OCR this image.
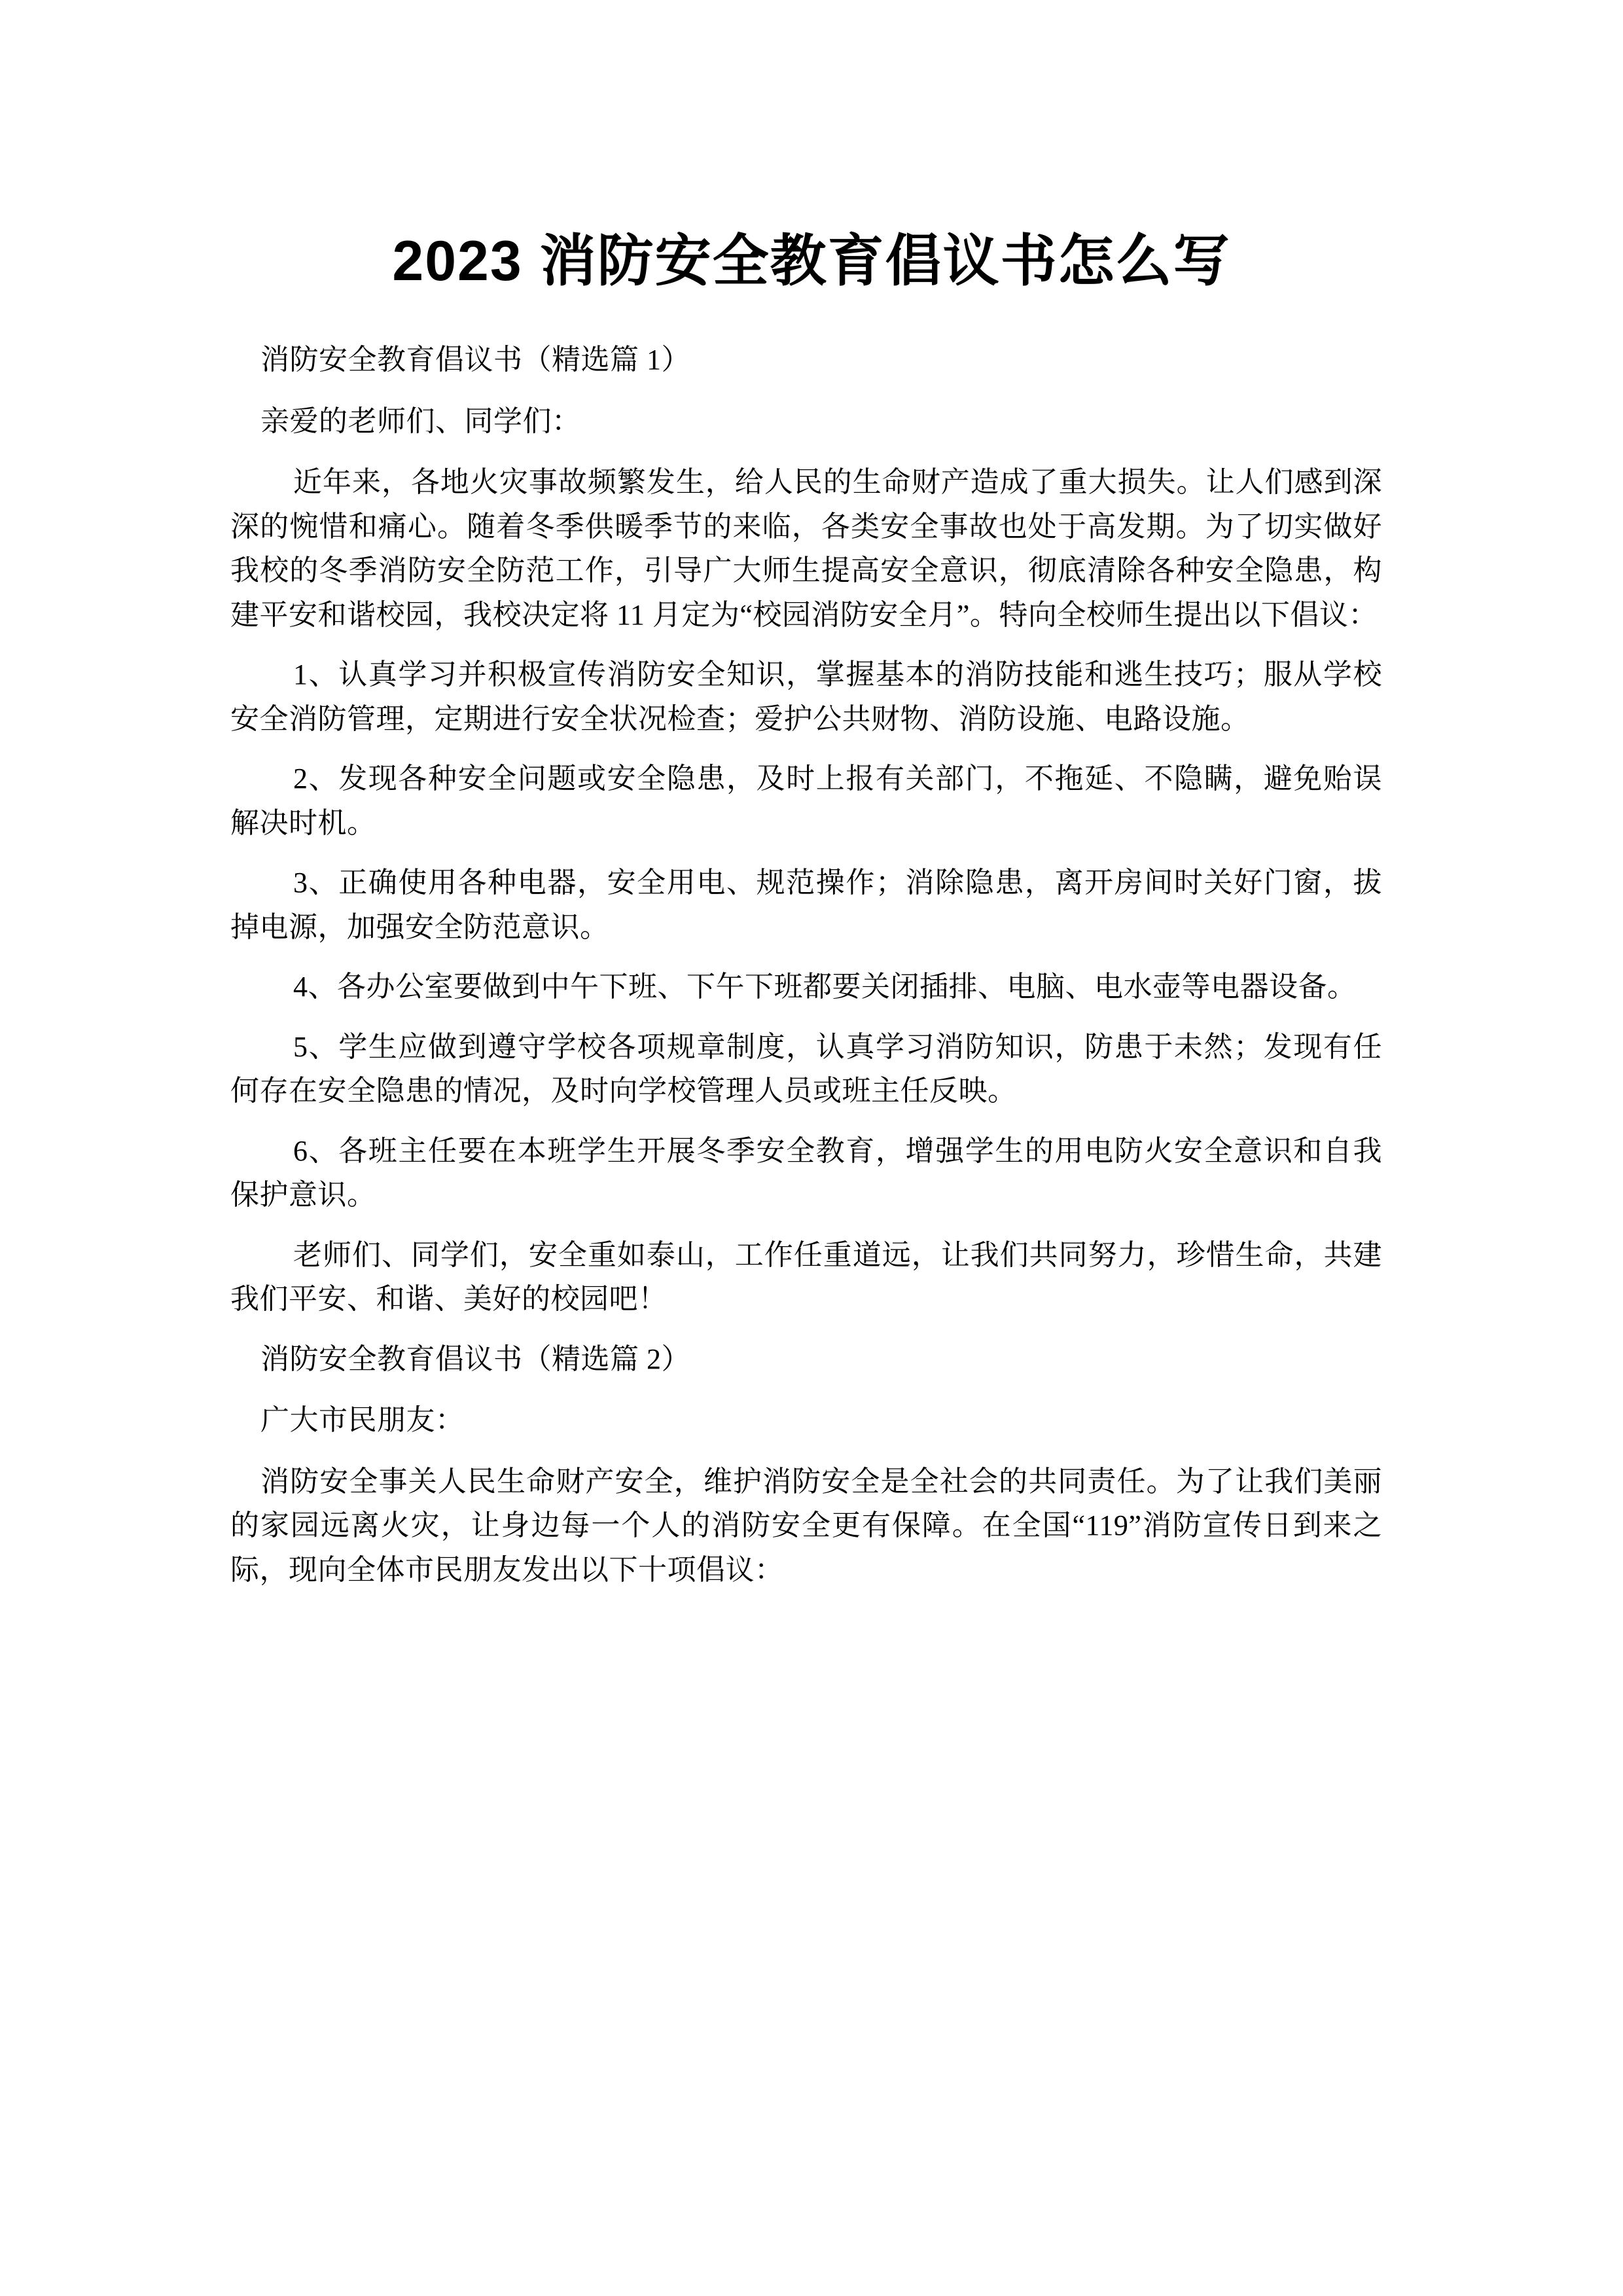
2023 消防安全教育倡议书怎么写

消防安全教育倡议书（精选篇 1）

亲爱的老师们、同学们：

近年来，各地火灾事故频繁发生，给人民的生命财产造成了重大损失。让人们感到深深的惋惜和痛心。随着冬季供暖季节的来临，各类安全事故也处于高发期。为了切实做好我校的冬季消防安全防范工作，引导广大师生提高安全意识，彻底清除各种安全隐患，构建平安和谐校园，我校决定将 11 月定为“校园消防安全月”。特向全校师生提出以下倡议：

1、认真学习并积极宣传消防安全知识，掌握基本的消防技能和逃生技巧；服从学校安全消防管理，定期进行安全状况检查；爱护公共财物、消防设施、电路设施。

2、发现各种安全问题或安全隐患，及时上报有关部门，不拖延、不隐瞒，避免贻误解决时机。

3、正确使用各种电器，安全用电、规范操作；消除隐患，离开房间时关好门窗，拔掉电源，加强安全防范意识。

4、各办公室要做到中午下班、下午下班都要关闭插排、电脑、电水壶等电器设备。

5、学生应做到遵守学校各项规章制度，认真学习消防知识，防患于未然；发现有任何存在安全隐患的情况，及时向学校管理人员或班主任反映。

6、各班主任要在本班学生开展冬季安全教育，增强学生的用电防火安全意识和自我保护意识。

老师们、同学们，安全重如泰山，工作任重道远，让我们共同努力，珍惜生命，共建我们平安、和谐、美好的校园吧！

消防安全教育倡议书（精选篇 2）

广大市民朋友：

消防安全事关人民生命财产安全，维护消防安全是全社会的共同责任。为了让我们美丽的家园远离火灾，让身边每一个人的消防安全更有保障。在全国“119”消防宣传日到来之际，现向全体市民朋友发出以下十项倡议：
